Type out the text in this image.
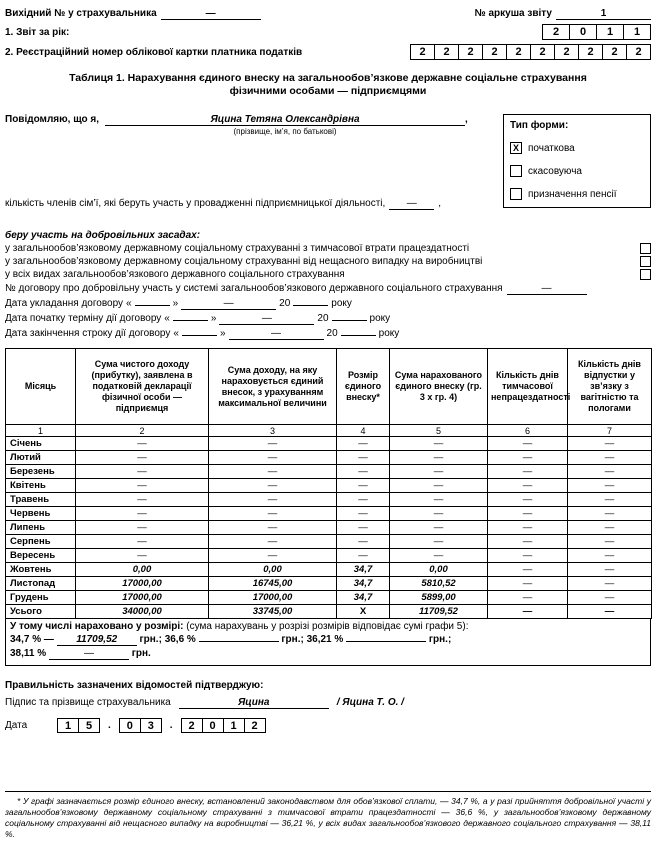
Вихідний № у страхувальника	—	№ аркуша звіту	1
1. Звіт за рік:	2	0	1	1
2. Реєстраційний номер облікової картки платника податків	2	2	2	2	2	2	2	2	2	2
Таблиця 1. Нарахування єдиного внеску на загальнообов’язкове державне соціальне страхування
фізичними особами — підприємцями
Повідомляю, що я,	Яцина Тетяна Олександрівна
(прізвище, ім’я, по батькові)
,
Тип форми:
X початкова
скасовуюча
призначення пенсії
кількість членів сім’ї, які беруть участь у провадженні підприємницької діяльності,	—	,
беру участь на добровільних засадах:
у загальнообов’язковому державному соціальному страхуванні з тимчасової втрати працездатності
у загальнообов’язковому державному соціальному страхуванні від нещасного випадку на виробництві
у всіх видах загальнообов’язкового державного соціального страхування
№ договору про добровільну участь у системі загальнообов’язкового державного соціального страхування	—
Дата укладання договору «	»	—	20	року
Дата початку терміну дії договору «	»	—	20	року
Дата закінчення строку дії договору «	»	—	20	року
Місяць	Сума чистого доходу (прибутку), заявлена в податковій декларації фізичної особи — підприємця	Сума доходу, на яку нараховується єдиний внесок, з урахуванням максимальної величини	Розмір єдиного внеску*	Сума нарахованого єдиного внеску (гр. 3 х гр. 4)	Кількість днів тимчасової непрацездатності	Кількість днів відпустки у зв’язку з вагітністю та пологами
1	2	3	4	5	6	7
Січень	—	—	—	—	—	—
Лютий	—	—	—	—	—	—
Березень	—	—	—	—	—	—
Квітень	—	—	—	—	—	—
Травень	—	—	—	—	—	—
Червень	—	—	—	—	—	—
Липень	—	—	—	—	—	—
Серпень	—	—	—	—	—	—
Вересень	—	—	—	—	—	—
Жовтень	0,00	0,00	34,7	0,00	—	—
Листопад	17000,00	16745,00	34,7	5810,52	—	—
Грудень	17000,00	17000,00	34,7	5899,00	—	—
Усього	34000,00	33745,00	X	11709,52	—	—
У тому числі нараховано у розмірі: (сума нарахувань у розрізі розмірів відповідає сумі графи 5):
34,7 % — 11709,52 грн.; 36,6 %	грн.; 36,21 %	грн.;
38,11 %	—	грн.
Правильність зазначених відомостей підтверджую:
Підпис та прізвище страхувальника	Яцина	/ Яцина Т. О. /
Дата	1	5	.	0	3	.	2	0	1	2
* У графі зазначається розмір єдиного внеску, встановлений законодавством для обов’язкової сплати, — 34,7 %, а у разі прийняття добровільної участі у загальнообов’язковому державному соціальному страхуванні з тимчасової втрати працездатності — 36,6 %, у загальнообов’язковому державному соціальному страхуванні від нещасного випадку на виробництві — 36,21 %, у всіх видах загальнообов’язкового державного соціального страхування — 38,11 %.
